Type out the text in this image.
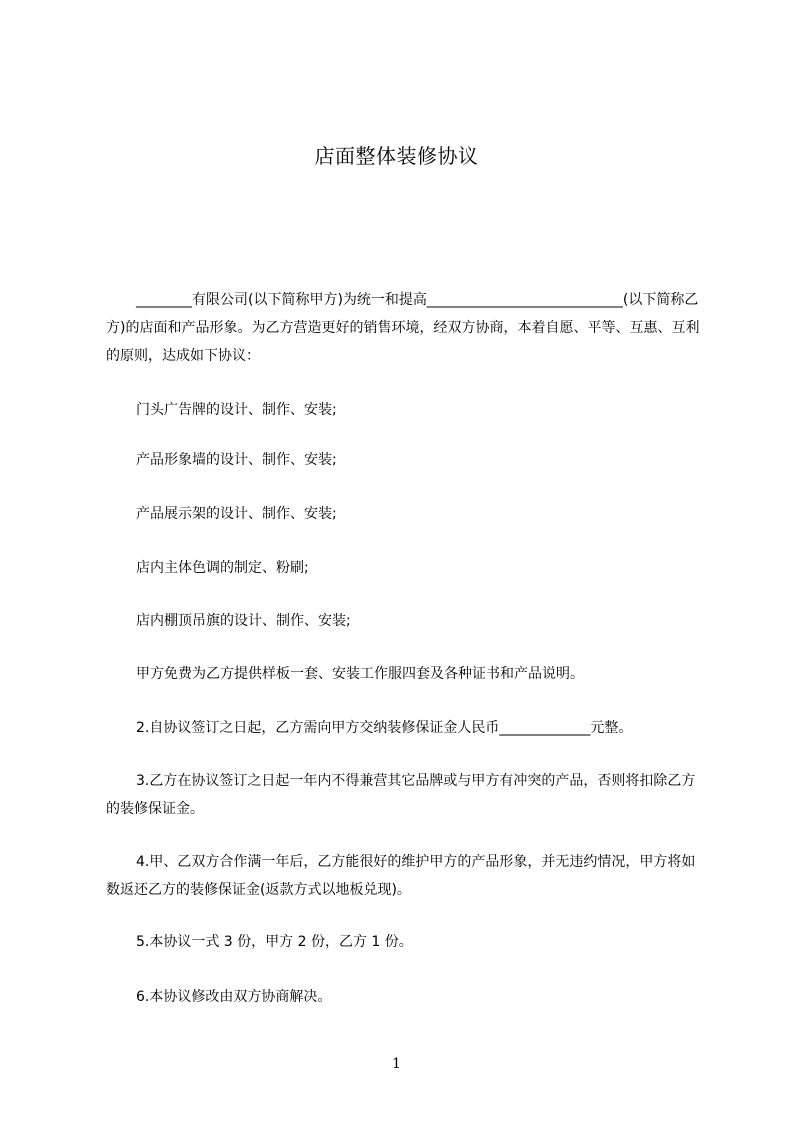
店面整体装修协议
________有限公司(以下简称甲方)为统一和提高____________________________(以下简称乙方)的店面和产品形象。为乙方营造更好的销售环境，经双方协商，本着自愿、平等、互惠、互利的原则，达成如下协议：
门头广告牌的设计、制作、安装;
产品形象墙的设计、制作、安装;
产品展示架的设计、制作、安装;
店内主体色调的制定、粉刷;
店内棚顶吊旗的设计、制作、安装;
甲方免费为乙方提供样板一套、安装工作服四套及各种证书和产品说明。
2.自协议签订之日起，乙方需向甲方交纳装修保证金人民币_____________元整。
3.乙方在协议签订之日起一年内不得兼营其它品牌或与甲方有冲突的产品，否则将扣除乙方的装修保证金。
4.甲、乙双方合作满一年后，乙方能很好的维护甲方的产品形象，并无违约情况，甲方将如数返还乙方的装修保证金(返款方式以地板兑现)。
5.本协议一式 3 份，甲方 2 份，乙方 1 份。
6.本协议修改由双方协商解决。
1
